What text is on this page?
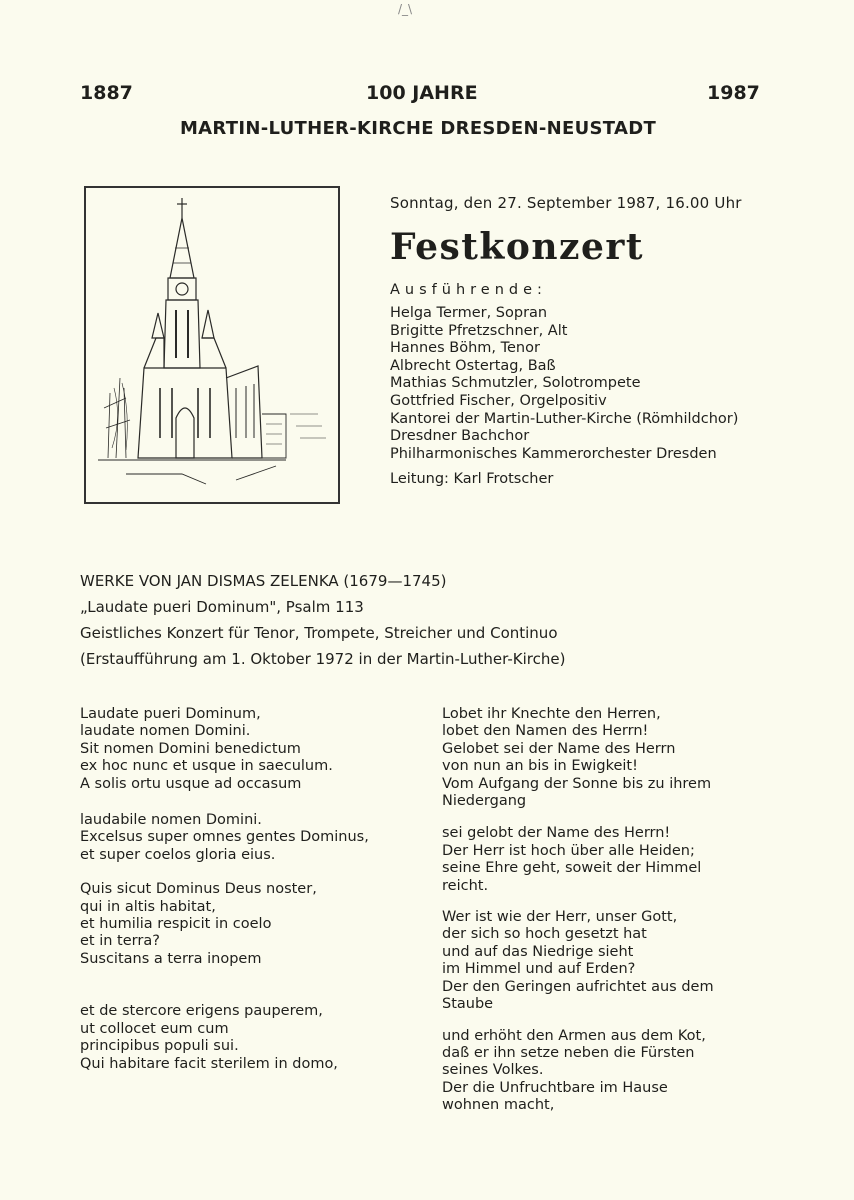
/_\
1887	100 JAHRE	1987
MARTIN-LUTHER-KIRCHE DRESDEN-NEUSTADT
Sonntag, den 27. September 1987, 16.00 Uhr
Festkonzert
Ausführende:
Helga Termer, Sopran
Brigitte Pfretzschner, Alt
Hannes Böhm, Tenor
Albrecht Ostertag, Baß
Mathias Schmutzler, Solotrompete
Gottfried Fischer, Orgelpositiv
Kantorei der Martin-Luther-Kirche (Römhildchor)
Dresdner Bachchor
Philharmonisches Kammerorchester Dresden
Leitung: Karl Frotscher
WERKE VON JAN DISMAS ZELENKA (1679—1745)
„Laudate pueri Dominum", Psalm 113
Geistliches Konzert für Tenor, Trompete, Streicher und Continuo
(Erstaufführung am 1. Oktober 1972 in der Martin-Luther-Kirche)
Laudate pueri Dominum,
laudate nomen Domini.
Sit nomen Domini benedictum
ex hoc nunc et usque in saeculum.
A solis ortu usque ad occasum
laudabile nomen Domini.
Excelsus super omnes gentes Dominus,
et super coelos gloria eius.
Quis sicut Dominus Deus noster,
qui in altis habitat,
et humilia respicit in coelo
et in terra?
Suscitans a terra inopem
et de stercore erigens pauperem,
ut collocet eum cum
principibus populi sui.
Qui habitare facit sterilem in domo,
Lobet ihr Knechte den Herren,
lobet den Namen des Herrn!
Gelobet sei der Name des Herrn
von nun an bis in Ewigkeit!
Vom Aufgang der Sonne bis zu ihrem
Niedergang
sei gelobt der Name des Herrn!
Der Herr ist hoch über alle Heiden;
seine Ehre geht, soweit der Himmel
reicht.
Wer ist wie der Herr, unser Gott,
der sich so hoch gesetzt hat
und auf das Niedrige sieht
im Himmel und auf Erden?
Der den Geringen aufrichtet aus dem
Staube
und erhöht den Armen aus dem Kot,
daß er ihn setze neben die Fürsten
seines Volkes.
Der die Unfruchtbare im Hause
wohnen macht,
